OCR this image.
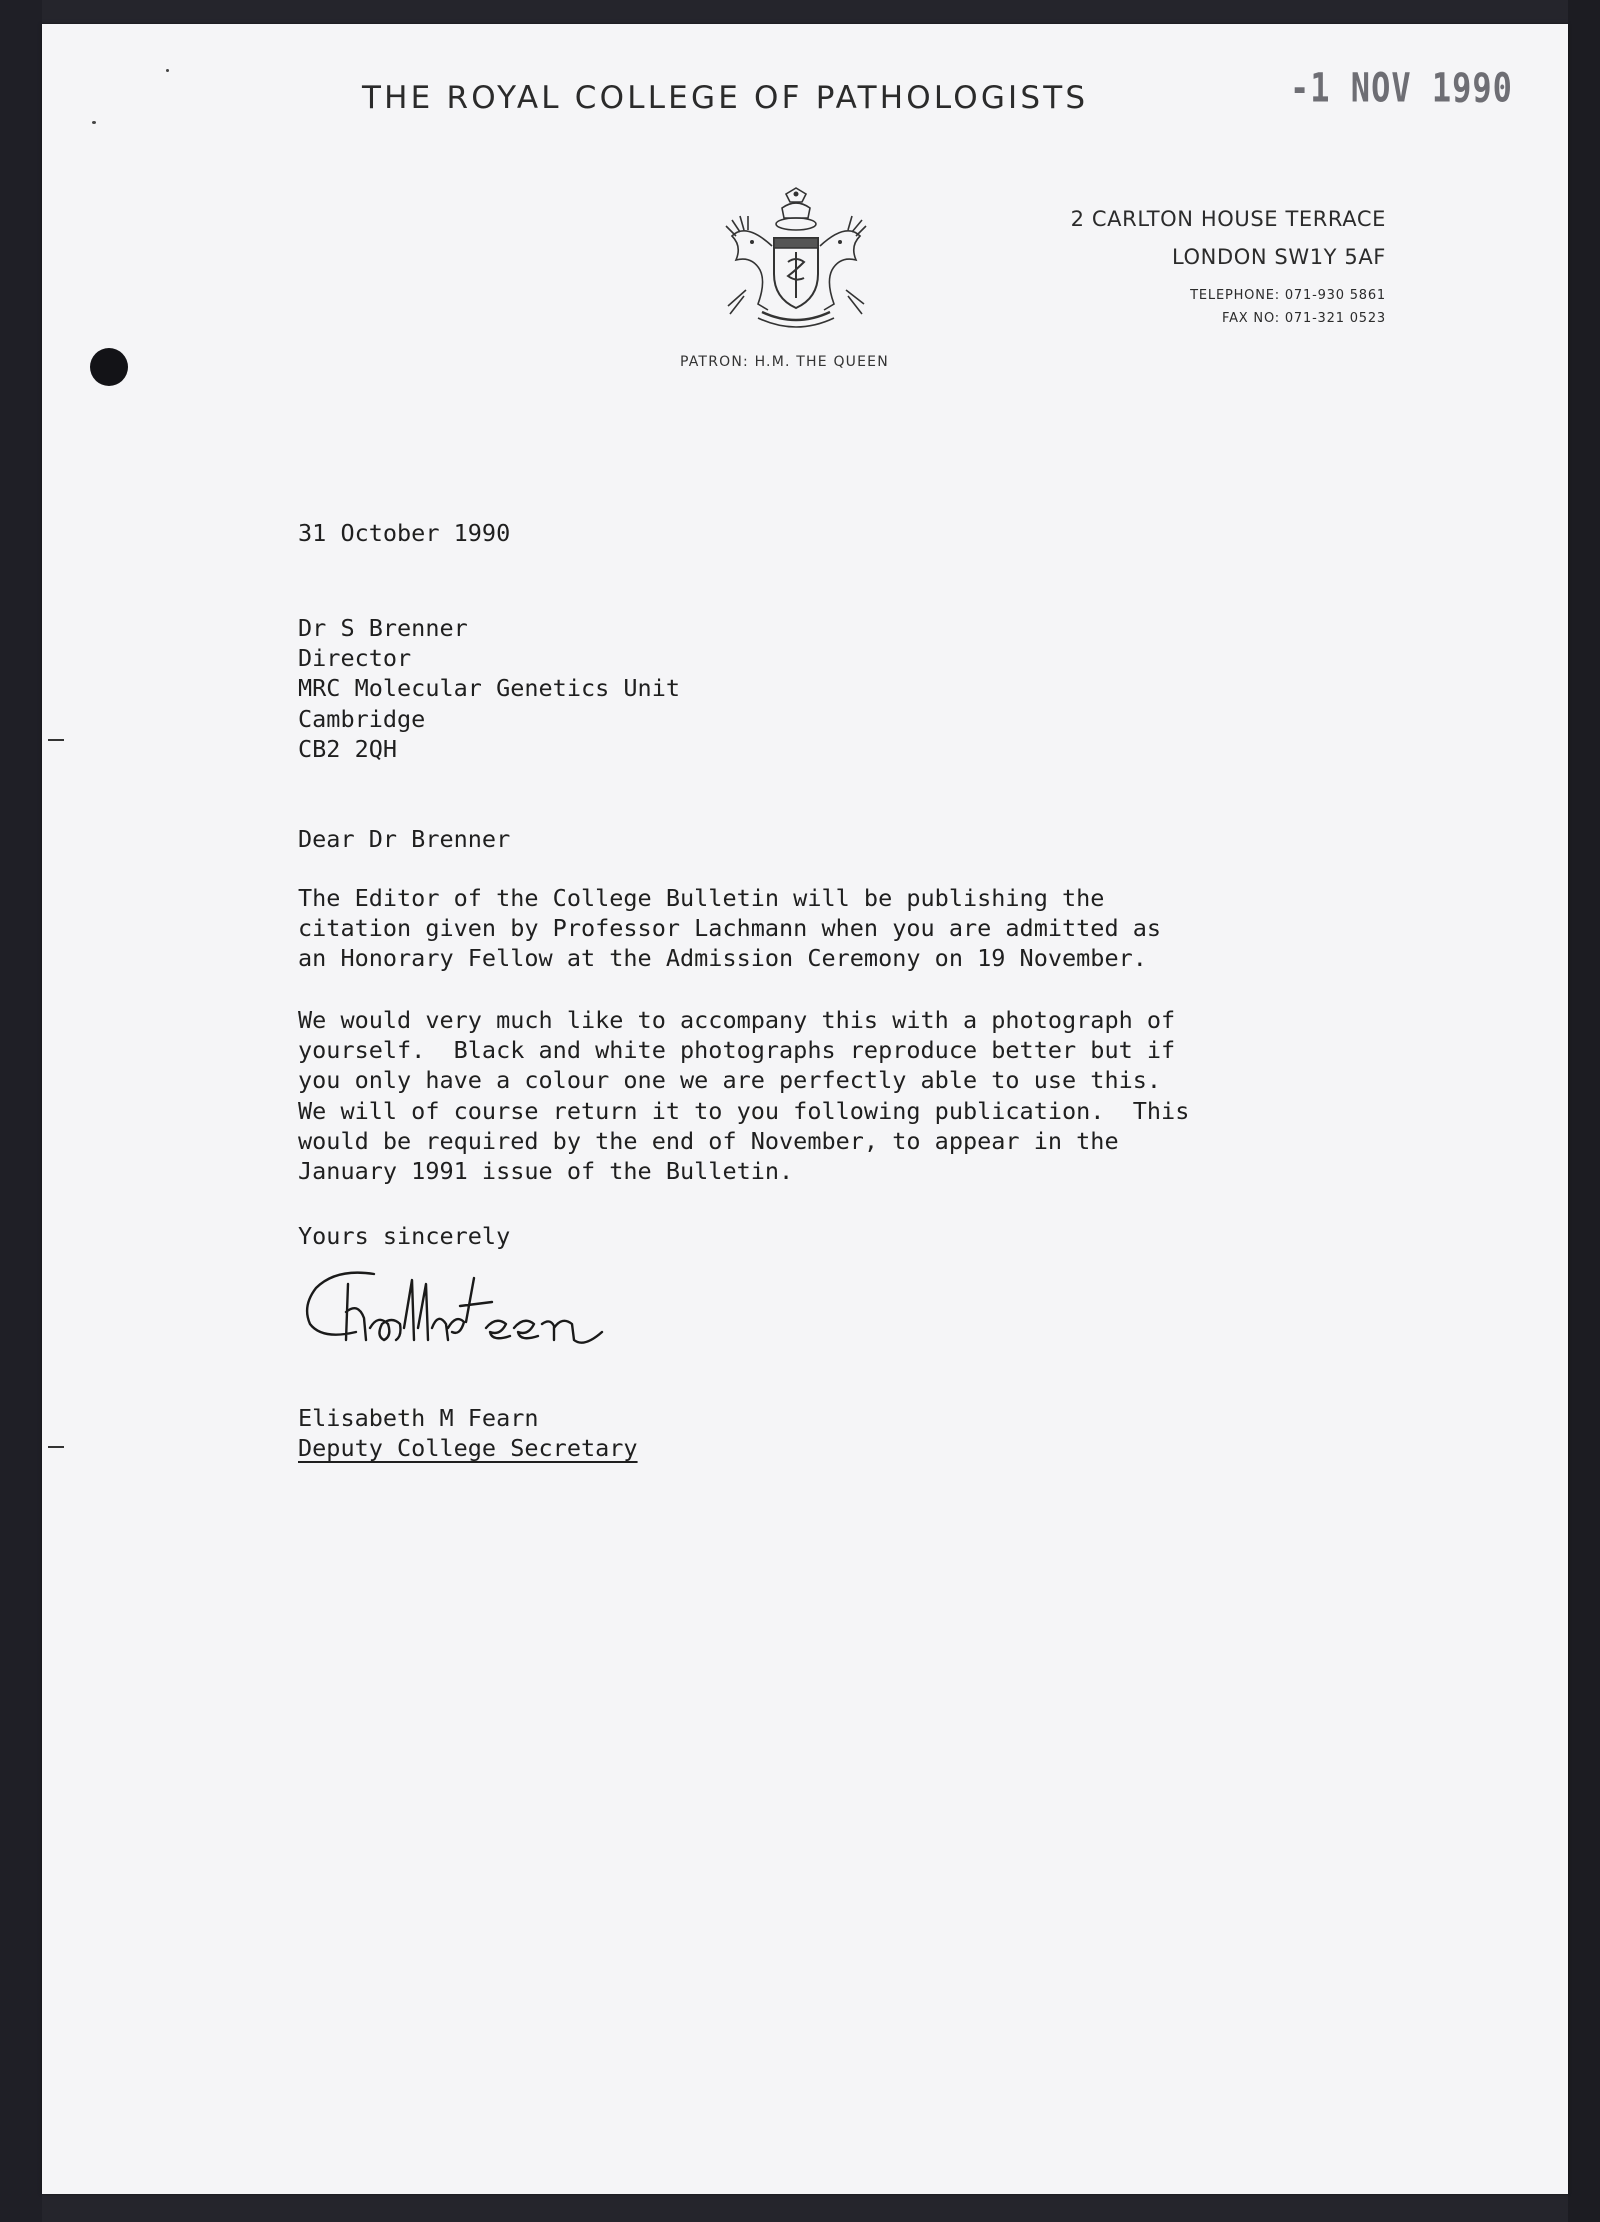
THE ROYAL COLLEGE OF PATHOLOGISTS	-1 NOV 1990
PATRON: H.M. THE QUEEN
2 CARLTON HOUSE TERRACE
LONDON SW1Y 5AF
TELEPHONE: 071-930 5861
FAX NO: 071-321 0523
31 October 1990
Dr S Brenner
Director
MRC Molecular Genetics Unit
Cambridge
CB2 2QH
Dear Dr Brenner
The Editor of the College Bulletin will be publishing the
citation given by Professor Lachmann when you are admitted as
an Honorary Fellow at the Admission Ceremony on 19 November.
We would very much like to accompany this with a photograph of
yourself.  Black and white photographs reproduce better but if
you only have a colour one we are perfectly able to use this.
We will of course return it to you following publication.  This
would be required by the end of November, to appear in the
January 1991 issue of the Bulletin.
Yours sincerely
Elisabeth M Fearn
Deputy College Secretary
